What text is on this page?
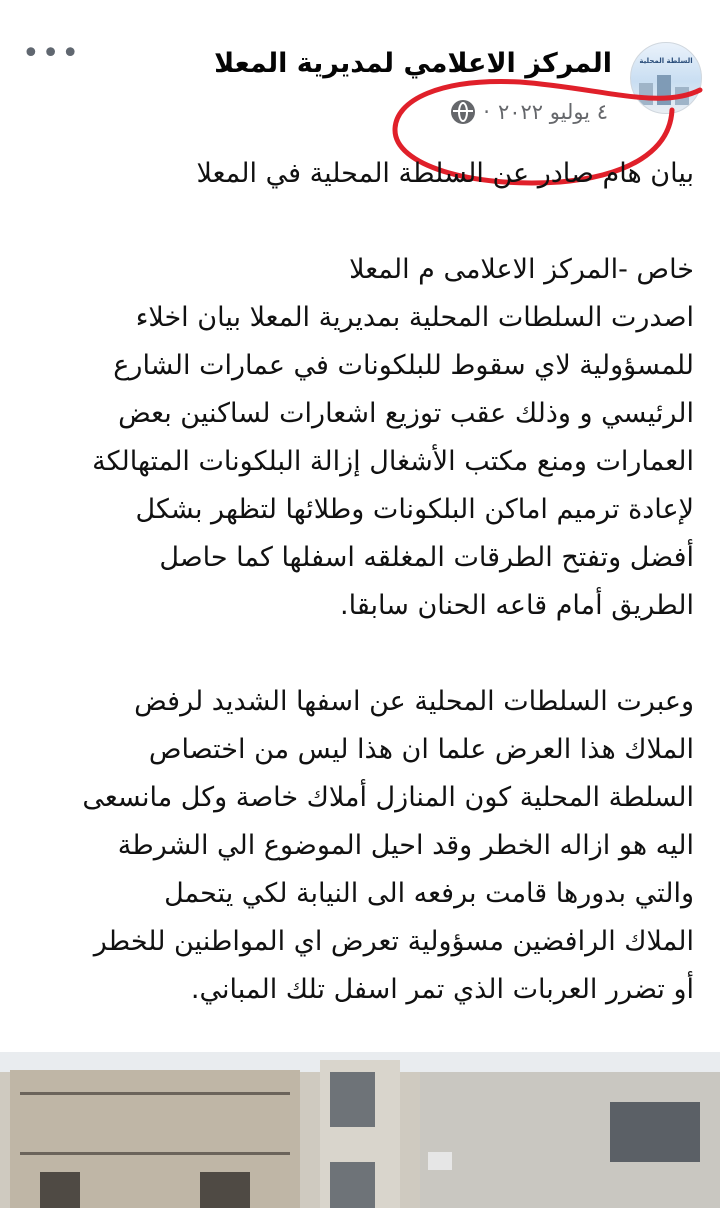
•••	السلطة المحلية
المركز الاعلامي لمديرية المعلا
٤ يوليو ٢٠٢٢
·

بيان هام صادر عن السلطة المحلية في المعلا

خاص -المركز الاعلامى م المعلا

اصدرت السلطات المحلية بمديرية المعلا بيان اخلاء

للمسؤولية لاي سقوط للبلكونات في عمارات الشارع

الرئيسي و وذلك عقب توزيع اشعارات لساكنين بعض

العمارات ومنع مكتب الأشغال إزالة البلكونات المتهالكة

لإعادة ترميم اماكن البلكونات وطلائها لتظهر بشكل

أفضل وتفتح الطرقات المغلقه اسفلها كما حاصل

الطريق أمام قاعه الحنان سابقا.

وعبرت السلطات المحلية عن اسفها الشديد لرفض

الملاك هذا العرض علما ان هذا ليس من اختصاص

السلطة المحلية كون المنازل أملاك خاصة وكل مانسعى

اليه هو ازاله الخطر وقد احيل الموضوع الي الشرطة

والتي بدورها قامت برفعه الى النيابة لكي يتحمل

الملاك الرافضين مسؤولية تعرض اي المواطنين للخطر

أو تضرر العربات الذي تمر اسفل تلك المباني.
